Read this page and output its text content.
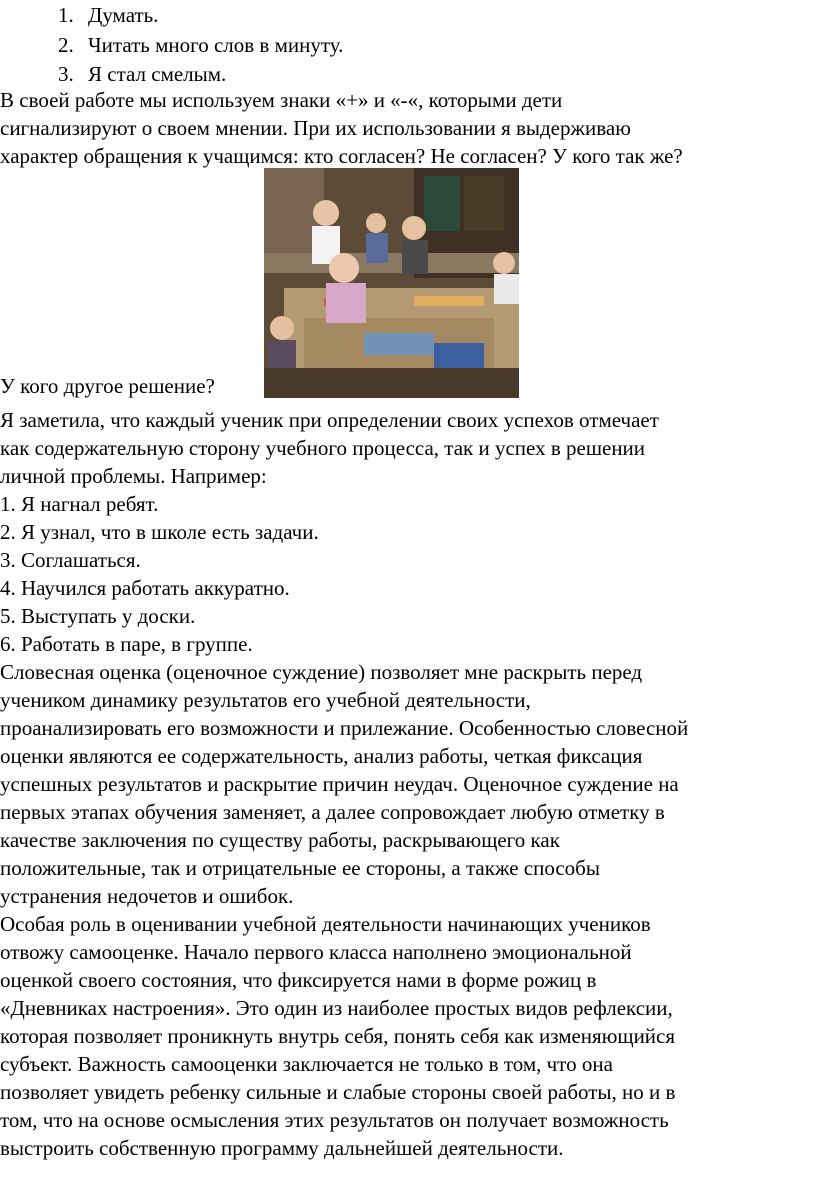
1. Думать.
2. Читать много слов в минуту.
3. Я стал смелым.
В своей работе мы используем знаки «+» и «-«, которыми дети
сигнализируют о своем мнении. При их использовании я выдерживаю
характер обращения к учащимся: кто согласен? Не согласен? У кого так же?
У кого другое решение?
Я заметила, что каждый ученик при определении своих успехов отмечает
как содержательную сторону учебного процесса, так и успех в решении
личной проблемы. Например:
1. Я нагнал ребят.
2. Я узнал, что в школе есть задачи.
3. Соглашаться.
4. Научился работать аккуратно.
5. Выступать у доски.
6. Работать в паре, в группе.
Словесная оценка (оценочное суждение) позволяет мне раскрыть перед
учеником динамику результатов его учебной деятельности,
проанализировать его возможности и прилежание. Особенностью словесной
оценки являются ее содержательность, анализ работы, четкая фиксация
успешных результатов и раскрытие причин неудач. Оценочное суждение на
первых этапах обучения заменяет, а далее сопровождает любую отметку в
качестве заключения по существу работы, раскрывающего как
положительные, так и отрицательные ее стороны, а также способы
устранения недочетов и ошибок.
Особая роль в оценивании учебной деятельности начинающих учеников
отвожу самооценке. Начало первого класса наполнено эмоциональной
оценкой своего состояния, что фиксируется нами в форме рожиц в
«Дневниках настроения». Это один из наиболее простых видов рефлексии,
которая позволяет проникнуть внутрь себя, понять себя как изменяющийся
субъект. Важность самооценки заключается не только в том, что она
позволяет увидеть ребенку сильные и слабые стороны своей работы, но и в
том, что на основе осмысления этих результатов он получает возможность
выстроить собственную программу дальнейшей деятельности.
